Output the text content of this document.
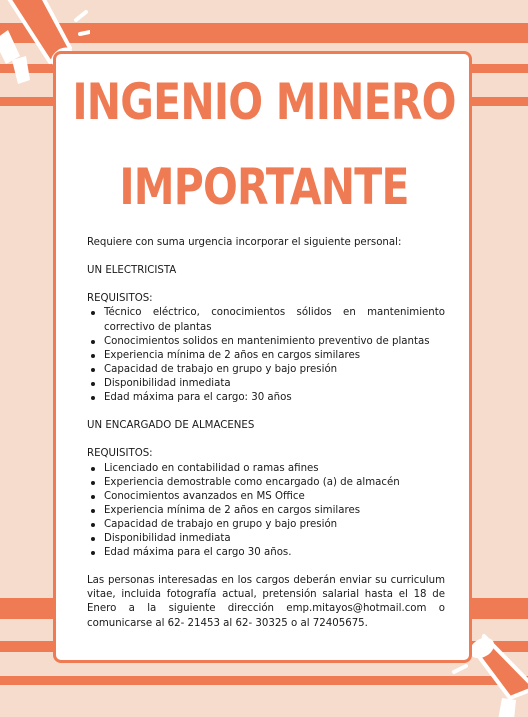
INGENIO MINERO
IMPORTANTE

Requiere con suma urgencia incorporar el siguiente personal:

UN ELECTRICISTA

REQUISITOS:

Técnico eléctrico, conocimientos sólidos en mantenimiento correctivo de plantas
Conocimientos solidos en mantenimiento preventivo de plantas
Experiencia mínima de 2 años en cargos similares
Capacidad de trabajo en grupo y bajo presión
Disponibilidad inmediata
Edad máxima para el cargo: 30 años

UN ENCARGADO DE ALMACENES

REQUISITOS:

Licenciado en contabilidad o ramas afines
Experiencia demostrable como encargado (a) de almacén
Conocimientos avanzados en MS Office
Experiencia mínima de 2 años en cargos similares
Capacidad de trabajo en grupo y bajo presión
Disponibilidad inmediata
Edad máxima para el cargo 30 años.

Las personas interesadas en los cargos deberán enviar su curriculum vitae, incluida fotografía actual, pretensión salarial hasta el 18 de Enero a la siguiente dirección emp.mitayos@hotmail.com o comunicarse al 62- 21453 al 62- 30325 o al 72405675.
